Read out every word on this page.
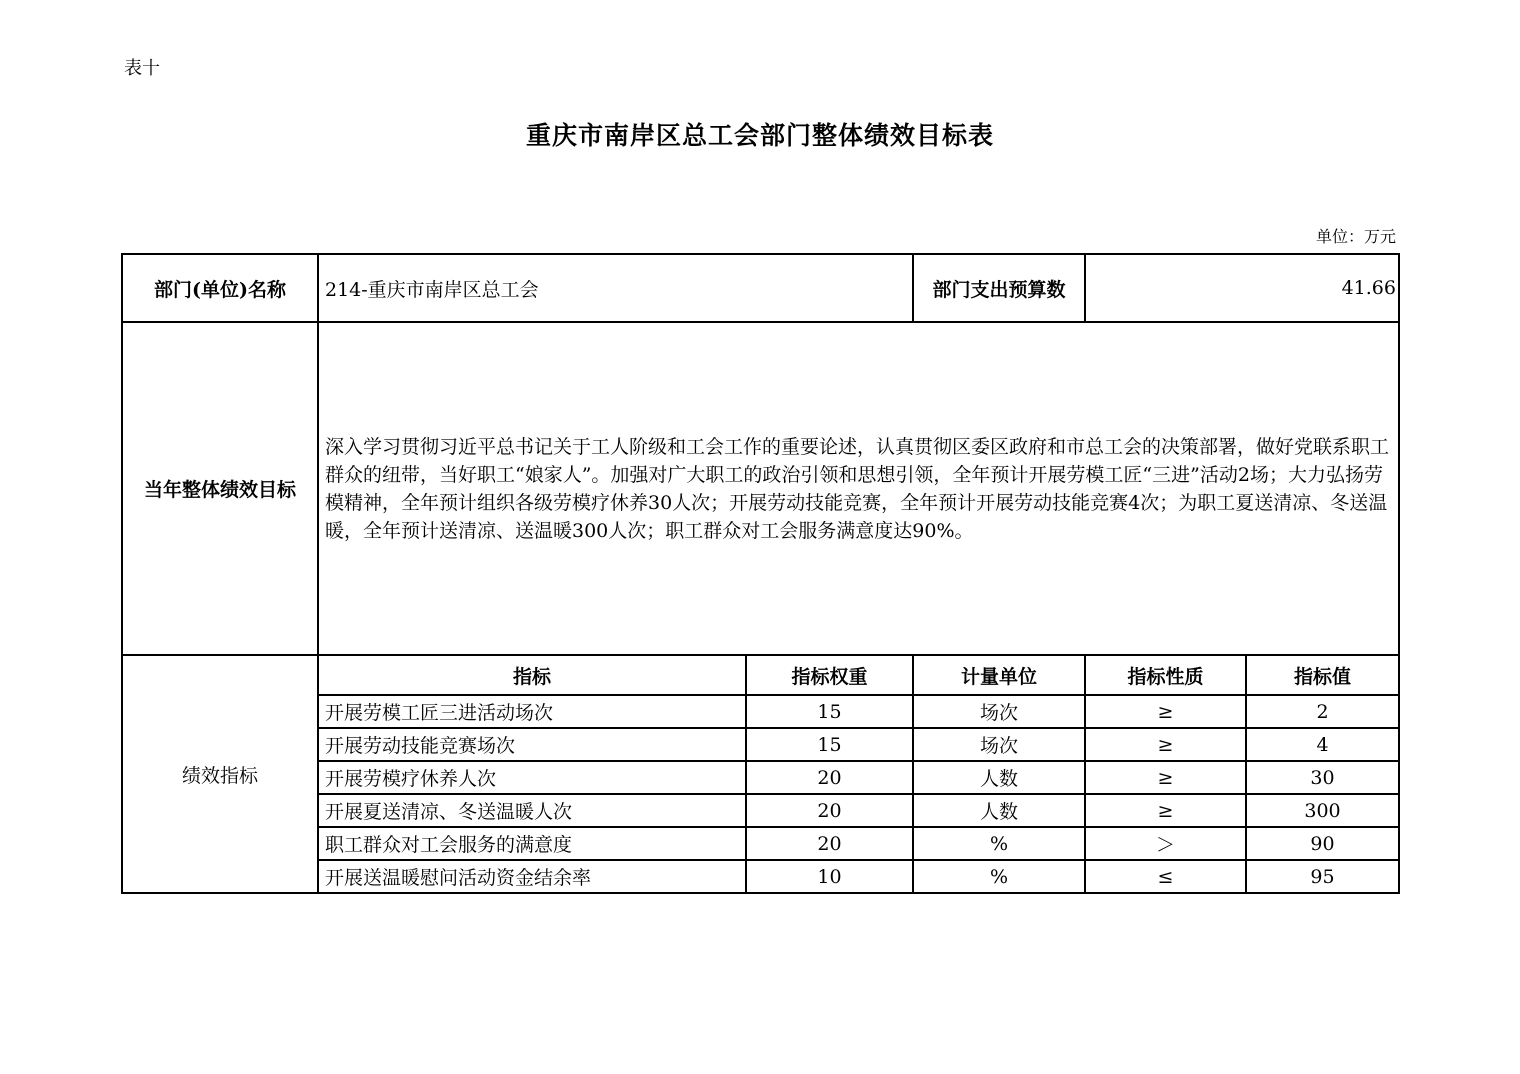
表十
重庆市南岸区总工会部门整体绩效目标表
单位：万元
部门(单位)名称	214-重庆市南岸区总工会		部门支出预算数	41.66	
当年整体绩效目标	深入学习贯彻习近平总书记关于工人阶级和工会工作的重要论述，认真贯彻区委区政府和市总工会的决策部署，做好党联系职工群众的纽带，当好职工“娘家人”。加强对广大职工的政治引领和思想引领，全年预计开展劳模工匠“三进”活动2场；大力弘扬劳模精神，全年预计组织各级劳模疗休养30人次；开展劳动技能竞赛，全年预计开展劳动技能竞赛4次；为职工夏送清凉、冬送温暖，全年预计送清凉、送温暖300人次；职工群众对工会服务满意度达90%。				
绩效指标	指标	指标权重	计量单位	指标性质	指标值
	开展劳模工匠三进活动场次	15	场次	≥	2
	开展劳动技能竞赛场次	15	场次	≥	4
	开展劳模疗休养人次	20	人数	≥	30
	开展夏送清凉、冬送温暖人次	20	人数	≥	300
	职工群众对工会服务的满意度	20	%	＞	90
	开展送温暖慰问活动资金结余率	10	%	≤	95
